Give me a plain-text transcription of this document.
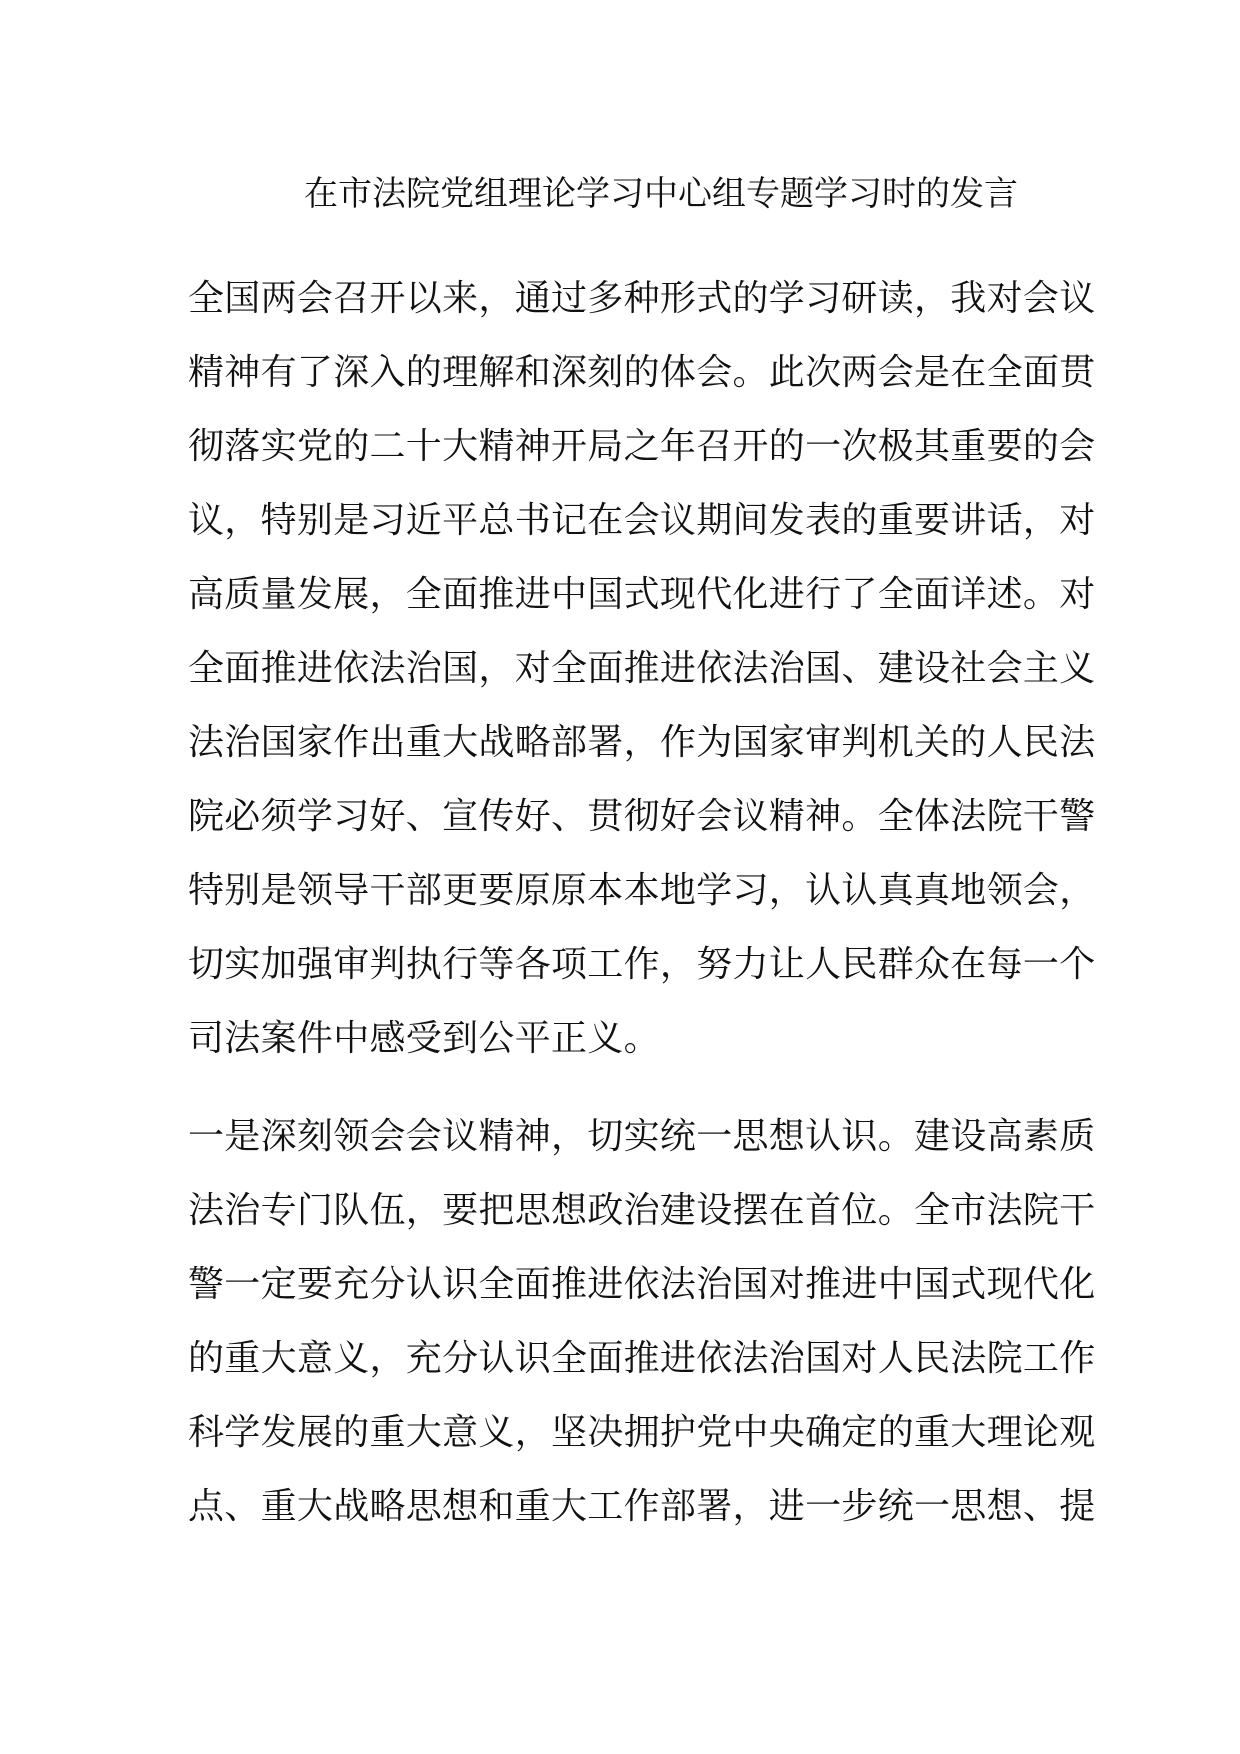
在市法院党组理论学习中心组专题学习时的发言
全国两会召开以来，通过多种形式的学习研读，我对会议
精神有了深入的理解和深刻的体会。此次两会是在全面贯
彻落实党的二十大精神开局之年召开的一次极其重要的会
议，特别是习近平总书记在会议期间发表的重要讲话，对
高质量发展，全面推进中国式现代化进行了全面详述。对
全面推进依法治国，对全面推进依法治国、建设社会主义
法治国家作出重大战略部署，作为国家审判机关的人民法
院必须学习好、宣传好、贯彻好会议精神。全体法院干警
特别是领导干部更要原原本本地学习，认认真真地领会，
切实加强审判执行等各项工作，努力让人民群众在每一个
司法案件中感受到公平正义。
一是深刻领会会议精神，切实统一思想认识。建设高素质
法治专门队伍，要把思想政治建设摆在首位。全市法院干
警一定要充分认识全面推进依法治国对推进中国式现代化
的重大意义，充分认识全面推进依法治国对人民法院工作
科学发展的重大意义，坚决拥护党中央确定的重大理论观
点、重大战略思想和重大工作部署，进一步统一思想、提
